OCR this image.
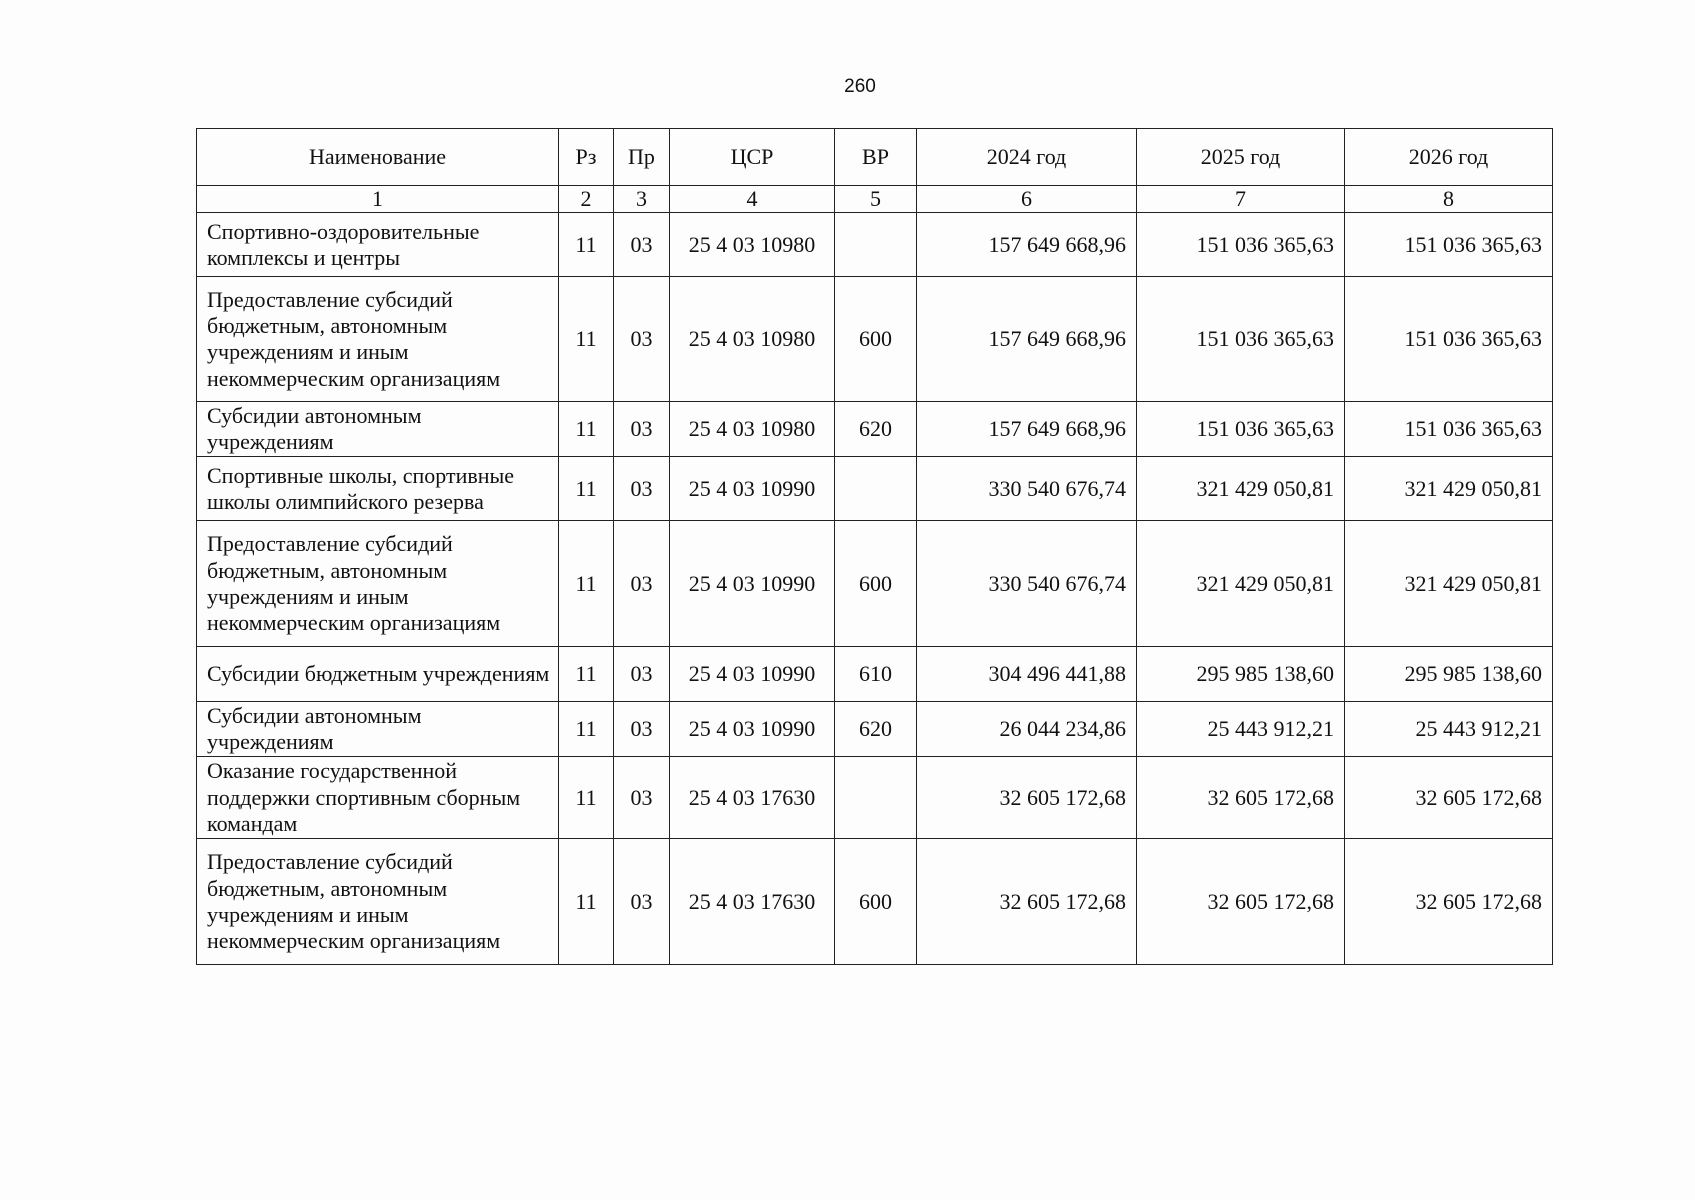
260
Наименование	Рз	Пр	ЦСР	ВР	2024 год	2025 год	2026 год
1	2	3	4	5	6	7	8
Спортивно-оздоровительные комплексы и центры	11	03	25 4 03 10980		157 649 668,96	151 036 365,63	151 036 365,63
Предоставление субсидий бюджетным, автономным учреждениям и иным некоммерческим организациям	11	03	25 4 03 10980	600	157 649 668,96	151 036 365,63	151 036 365,63
Субсидии автономным учреждениям	11	03	25 4 03 10980	620	157 649 668,96	151 036 365,63	151 036 365,63
Спортивные школы, спортивные школы олимпийского резерва	11	03	25 4 03 10990		330 540 676,74	321 429 050,81	321 429 050,81
Предоставление субсидий бюджетным, автономным учреждениям и иным некоммерческим организациям	11	03	25 4 03 10990	600	330 540 676,74	321 429 050,81	321 429 050,81
Субсидии бюджетным учреждениям	11	03	25 4 03 10990	610	304 496 441,88	295 985 138,60	295 985 138,60
Субсидии автономным учреждениям	11	03	25 4 03 10990	620	26 044 234,86	25 443 912,21	25 443 912,21
Оказание государственной поддержки спортивным сборным командам	11	03	25 4 03 17630		32 605 172,68	32 605 172,68	32 605 172,68
Предоставление субсидий бюджетным, автономным учреждениям и иным некоммерческим организациям	11	03	25 4 03 17630	600	32 605 172,68	32 605 172,68	32 605 172,68
